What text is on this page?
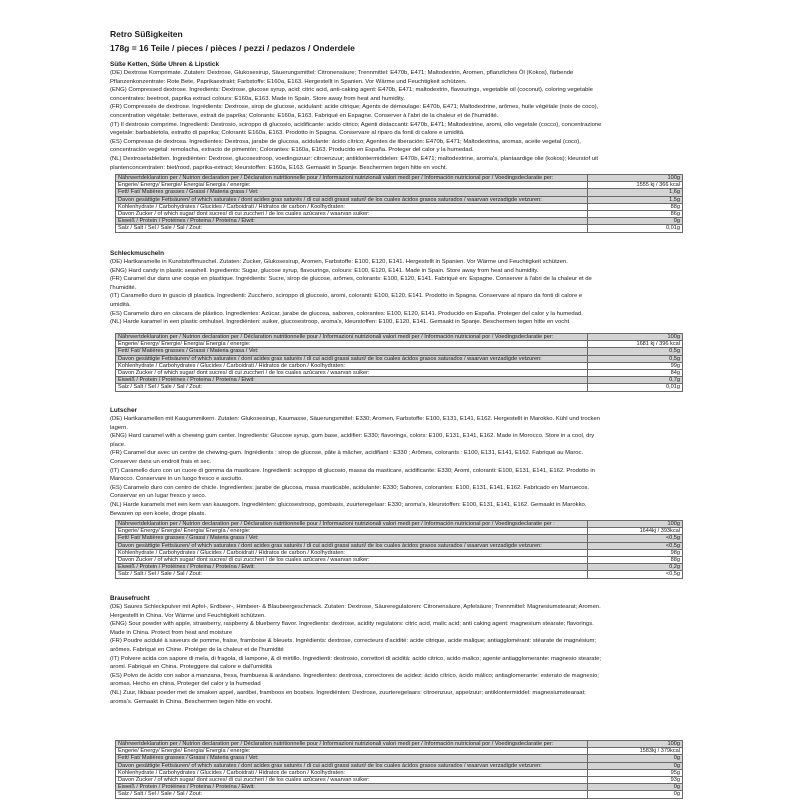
Retro Süßigkeiten
178g = 16 Teile / pieces / pièces / pezzi / pedazos / Onderdele
Süße Ketten, Süße Uhren & Lipstick
(DE) Dextrose Komprimate. Zutaten: Dextrose, Glukosesirup, Säuerungsmittel: Citronensäure; Trennmittel: E470b, E471; Maltodextrin, Aromen, pflanzliches Öl (Kokos), färbende
Pflanzenkonzentrate: Rote Bete, Paprikaextrakt; Farbstoffe: E160a, E163. Hergestellt in Spanien. Vor Wärme und Feuchtigkeit schützen.
(ENG) Compressed dextrose. Ingredients: Dextrose, glucose syrup, acid: citric acid, anti-caking agent: E470b, E471; maltodextrin, flavourings, vegetable oil (coconut), coloring vegetable
concentrates: beetroot, paprika extract colours: E160a, E163. Made in Spain. Store away from heat and humidity.
(FR) Compressés de dextrose. Ingrédients: Dextrose, sirop de glucose, acidulant: acide citrique; Agents de démoulage: E470b, E471; Maltodextrine, arômes, huile végétale (noix de coco),
concentration végétale: betterave, extrait de paprika; Colorants: E160a, E163. Fabriqué en Espagne. Conserver à l'abri de la chaleur et de l'humidité.
(IT) Il destrosio comprime. Ingredienti: Destrosio, sciroppo di glucosio, acidificante: acido citrico; Agenti distaccanti: E470b, E471; Maltodestrine, aromi, olio vegetale (cocco), concentrazione
vegetale: barbabietola, estratto di paprika; Coloranti: E160a, E163. Prodotto in Spagna. Conservare al riparo da fonti di calore e umidità.
(ES) Compresas de dextrosa. Ingredientes: Dextrosa, jarabe de glucosa, acidulante: ácido cítrico; Agentes de liberación: E470b, E471; Maltodextrina, aromas, aceite vegetal (coco),
concentración vegetal: remolacha, extracto de pimentón; Colorantes: E160a, E163. Producido en España. Proteger del calor y la humedad.
(NL) Dextrosetabletten. Ingrediënten: Dextrose, glucosestroop, voedingszuur: citroenzuur; antiklontermiddelen: E470b, E471; maltodextrine, aroma's, plantaardige olie (kokos); kleurstof uit
plantenconcentraten: biet/rood, paprika-extract; kleurstoffen: E160a, E163. Gemaakt in Spanje. Beschermen tegen hitte en vocht.
Nährwertdeklaration per / Nutrion declaration per / Déclaration nutritionnelle pour / Informazioni nutrizionali valori medi per / Información nutricional por / Voedingsdeclaratie per:	100g
Engerie/ Energy/ Énergie/ Energia/ Energía / energie:	1555 kj / 366 kcal
Fett/ Fat/ Matières grasses / Grassi / Materia grasa / Vet:	1,6g
Davon gesättigte Fettsäuren/ of which saturates / dont acides gras saturés / di cui acidi grassi saturi/ de los cuales ácidos grasos saturados / waarvan verzadigde vetzuren:	1,5g
Kohlenhydrate / Carbohydrates / Glucides / Carboidrati / Hidratos de carbon / Koolhydraten:	88g
Davon Zucker / of which sugar/ dont sucres/ di cui zuccheri / de los cuales azúcares / waarvan suiker:	86g
Eiweiß / Protein / Protéines / Proteina / Proteína / Eiwit:	0g
Salz / Salt / Sel / Sale / Sal / Zout:	0,01g
Schleckmuscheln
(DE) Hartkaramelle in Kunststoffmuschel. Zutaten: Zucker, Glukosesirup, Aromen, Farbstoffe: E100, E120, E141. Hergestellt in Spanien. Vor Wärme und Feuchtigkeit schützen.
(ENG) Hard candy in plastic seashell. Ingredients: Sugar, glucose syrup, flavourings, colours: E100, E120, E141. Made in Spain. Store away from heat and humidity.
(FR) Caramel dur dans une coque en plastique. Ingrédients: Sucre, sirop de glucose, arômes, colorants: E100, E120, E141. Fabriqué en: Espagne. Conserver à l'abri de la chaleur et de
l'humidité.
(IT) Caramello duro in guscio di plastica. Ingredienti: Zucchero, sciroppo di glucosio, aromi, coloranti: E100, E120, E141. Prodotto in Spagna. Conservare al riparo da fonti di calore e
umidità.
(ES) Caramelo duro en cáscara de plástico. Ingredientes: Azúcar, jarabe de glucosa, sabores, colorantes: E100, E120, E141. Producido en España. Proteger del calor y la humedad.
(NL) Harde karamel in een plastic omhulsel. Ingrediënten: suiker, glucosestroop, aroma's, kleurstoffen: E100, E120, E141. Gemaakt in Spanje. Beschermen tegen hitte en vocht
Nährwertdeklaration per / Nutrion declaration per / Déclaration nutritionnelle pour / Informazioni nutrizionali valori medi per / Información nutricional por / Voedingsdeclaratie per:	100g
Engerie/ Energy/ Énergie/ Energia/ Energía / energie:	1681 kj / 396 kcal
Fett/ Fat/ Matières grasses / Grassi / Materia grasa / Vet:	0,5g
Davon gesättigte Fettsäuren/ of which saturates / dont acides gras saturés / di cui acidi grassi saturi/ de los cuales ácidos grasos saturados / waarvan verzadigde vetzuren:	0,5g
Kohlenhydrate / Carbohydrates / Glucides / Carboidrati / Hidratos de carbon / Koolhydraten:	99g
Davon Zucker / of which sugar/ dont sucres/ di cui zuccheri / de los cuales azúcares / waarvan suiker:	84g
Eiweiß / Protein / Protéines / Proteina / Proteína / Eiwit:	0,7g
Salz / Salt / Sel / Sale / Sal / Zout:	0,01g
Lutscher
(DE) Hartkaramellen mit Kaugummikern. Zutaten: Glukosesirup, Kaumasse, Säuerungsmittel: E330; Aromen, Farbstoffe: E100, E131, E141, E162. Hergestellt in Marokko. Kühl und trocken
lagern.
(ENG) Hard caramel with a chewing gum center. Ingredients: Glucose syrup, gum base, acidifier: E330; flavorings, colors: E100, E131, E141, E162. Made in Morocco. Store in a cool, dry
place.
(FR) Caramel dur avec un centre de chewing-gum. Ingrédients : sirop de glucose, pâte à mâcher, acidifiant : E330 ; Arômes, colorants : E100, E131, E141, E162. Fabriqué au Maroc.
Conserver dans un endroit frais et sec.
(IT) Caramello duro con un cuore di gomma da masticare. Ingredienti: sciroppo di glucosio, massa da masticare, acidificante: E330; Aromi, coloranti: E100, E131, E141, E162. Prodotto in
Marocco. Conservare in un luogo fresco e asciutto.
(ES) Caramelo duro con centro de chicle. Ingredientes: jarabe de glucosa, masa masticable, acidulante: E330; Sabores, colorantes: E100, E131, E141, E162. Fabricado en Marruecos.
Conservar en un lugar fresco y seco.
(NL) Harde karamels met een kern van kauwgom. Ingrediënten: glucosestroop, gombasis, zuurteregelaar: E330; aroma's, kleurstoffen: E100, E131, E141, E162. Gemaakt in Marokko.
Bewaren op een koele, droge plaats.
Nährwertdeklaration per / Nutrion declaration per / Déclaration nutritionnelle pour / Informazioni nutrizionali valori medi per / Información nutricional por / Voedingsdeclaratie per :	100g
Engerie/ Energy/ Énergie/ Energia/ Energía / energie:	1644kj / 393kcal
Fett/ Fat/ Matières grasses / Grassi / Materia grasa / Vet:	<0,5g
Davon gesättigte Fettsäuren/ of which saturates / dont acides gras saturés / di cui acidi grassi saturi/ de los cuales ácidos grasos saturados / waarvan verzadigde vetzuren:	<0,5g
Kohlenhydrate / Carbohydrates / Glucides / Carboidrati / Hidratos de carbon / Koolhydraten:	98g
Davon Zucker / of which sugar/ dont sucres/ di cui zuccheri / de los cuales azúcares / waarvan suiker:	88g
Eiweiß / Protein / Protéines / Proteina / Proteína / Eiwit:	0,2g
Salz / Salt / Sel / Sale / Sal / Zout:	<0,5g
Brausefrucht
(DE) Saures Schleckpulver mit Apfel-, Erdbeer-, Himbeer- & Blaubeergeschmack. Zutaten: Dextrose, Säureregulatoren: Citronensäure, Apfelsäure; Trennmittel: Magnesiumstearat; Aromen.
Hergestellt in China. Vor Wärme und Feuchtigkeit schützen.
(ENG) Sour powder with apple, strawberry, raspberry & blueberry flavor. Ingredients: dextrose, acidity regulators: citric acid, malic acid; anti caking agent: magnesium stearate; flavorings.
Made in China. Protect from heat and moisture
(FR) Poudre acidulé à saveurs de pomme, fraise, framboise & bleuets. Ingrédients: dextrose, correcteurs d'acidité: acide citrique, acide malique; antiagglomérant: stéarate de magnésium;
arômes. Fabriqué en Chine. Protéger de la chaleur et de l'humidité
(IT) Polvere acida con sapore di mela, di fragola, di lampone, & di mirtillo. Ingredienti: destrosio, correttori di acidità: acido citrico, acido malico; agente antiagglomerante: magnesio stearate;
aromi. Fabriqué en China. Proteggere dal calore e dall'umidità
(ES) Polvo de ácido con sabor a manzana, fresa, frambuesa & arándano. Ingredientes: dextrosa, correctores de acidez: ácido cítrico, ácido málico; antiaglomerante: esterato de magnesio;
aromas. Hecho en china. Proteger del calor y la humedad
(NL) Zuur, likbaar poeder met de smaken appel, aardbei, framboos en bosbes. Ingrediënten: Dextrose, zuurteregelaars: citroenzuur, appelzuur; antiklontermiddel: magnesiumstearaat;
aroma's. Gemaakt in China. Beschermen tegen hitte en vocht.
Nährwertdeklaration per / Nutrion declaration per / Déclaration nutritionnelle pour / Informazioni nutrizionali valori medi per / Información nutricional por / Voedingsdeclaratie per:	100g
Engerie/ Energy/ Énergie/ Energia/ Energía / energie:	1583kj / 379kcal
Fett/ Fat/ Matières grasses / Grassi / Materia grasa / Vet:	0g
Davon gesättigte Fettsäuren/ of which saturates / dont acides gras saturés / di cui acidi grassi saturi/ de los cuales ácidos grasos saturados / waarvan verzadigde vetzuren:	0g
Kohlenhydrate / Carbohydrates / Glucides / Carboidrati / Hidratos de carbon / Koolhydraten:	95g
Davon Zucker / of which sugar/ dont sucres/ di cui zuccheri / de los cuales azúcares / waarvan suiker:	93g
Eiweiß / Protein / Protéines / Proteina / Proteína / Eiwit:	0g
Salz / Salt / Sel / Sale / Sal / Zout:	0g
